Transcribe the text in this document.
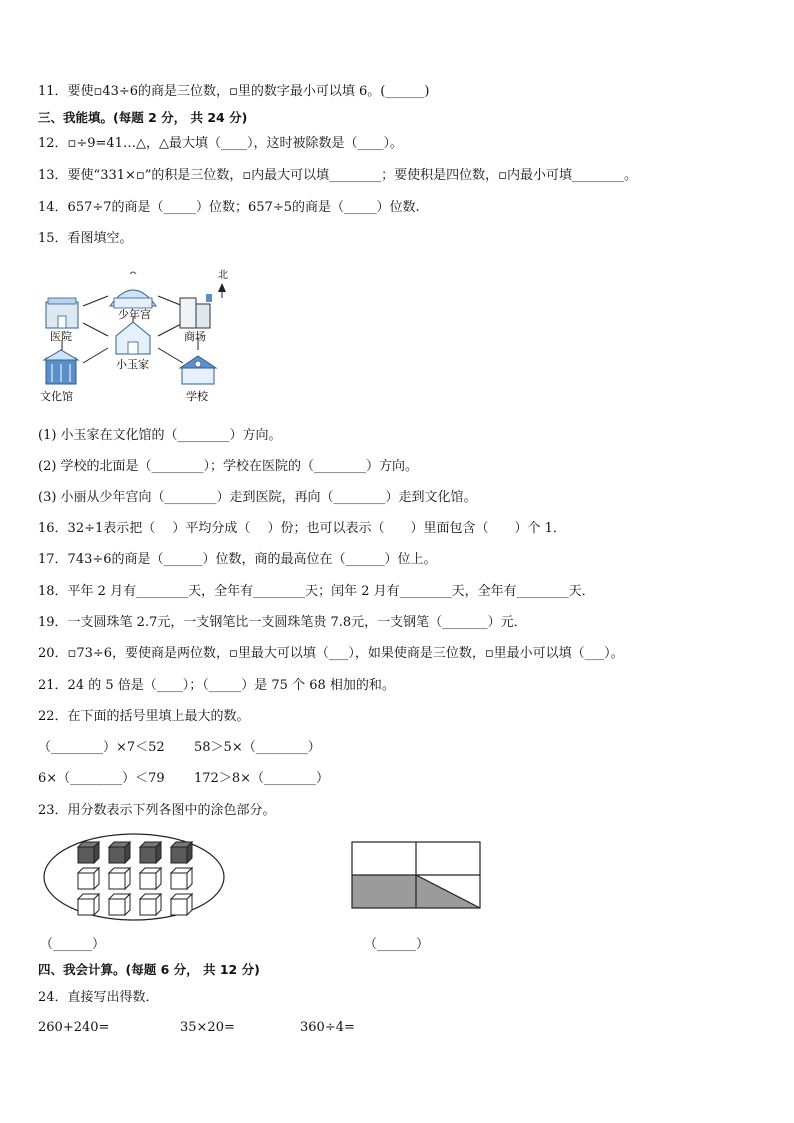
11．要使▫43÷6的商是三位数，▫里的数字最小可以填 6。(______)
三、我能填。(每题 2 分， 共 24 分)
12．▫÷9=41…△，△最大填（____），这时被除数是（____）。
13．要使“331×▫”的积是三位数，▫内最大可以填________；要使积是四位数，▫内最小可填________。
14．657÷7的商是（_____）位数；657÷5的商是（_____）位数.
15．看图填空。
北
少年宫
医院	商场
小玉家
文化馆	学校
(1) 小玉家在文化馆的（________）方向。
(2) 学校的北面是（________）；学校在医院的（________）方向。
(3) 小丽从少年宫向（________）走到医院，再向（________）走到文化馆。
16．32÷1表示把（　 ）平均分成（　 ）份；也可以表示（　　）里面包含（　　）个 1．
17．743÷6的商是（______）位数，商的最高位在（______）位上。
18．平年 2 月有________天，全年有________天；闰年 2 月有________天，全年有________天．
19．一支圆珠笔 2.7元，一支钢笔比一支圆珠笔贵 7.8元，一支钢笔（_______）元．
20．▫73÷6，要使商是两位数，▫里最大可以填（___），如果使商是三位数，▫里最小可以填（___）。
21．24 的 5 倍是（____）；（_____）是 75 个 68 相加的和。
22．在下面的括号里填上最大的数。
（________）×7＜52 58＞5×（________）
6×（________）＜79 172＞8×（________）
23．用分数表示下列各图中的涂色部分。
（______）	（______）
四、我会计算。(每题 6 分， 共 12 分)
24．直接写出得数．
260+240=	35×20=	360÷4=
